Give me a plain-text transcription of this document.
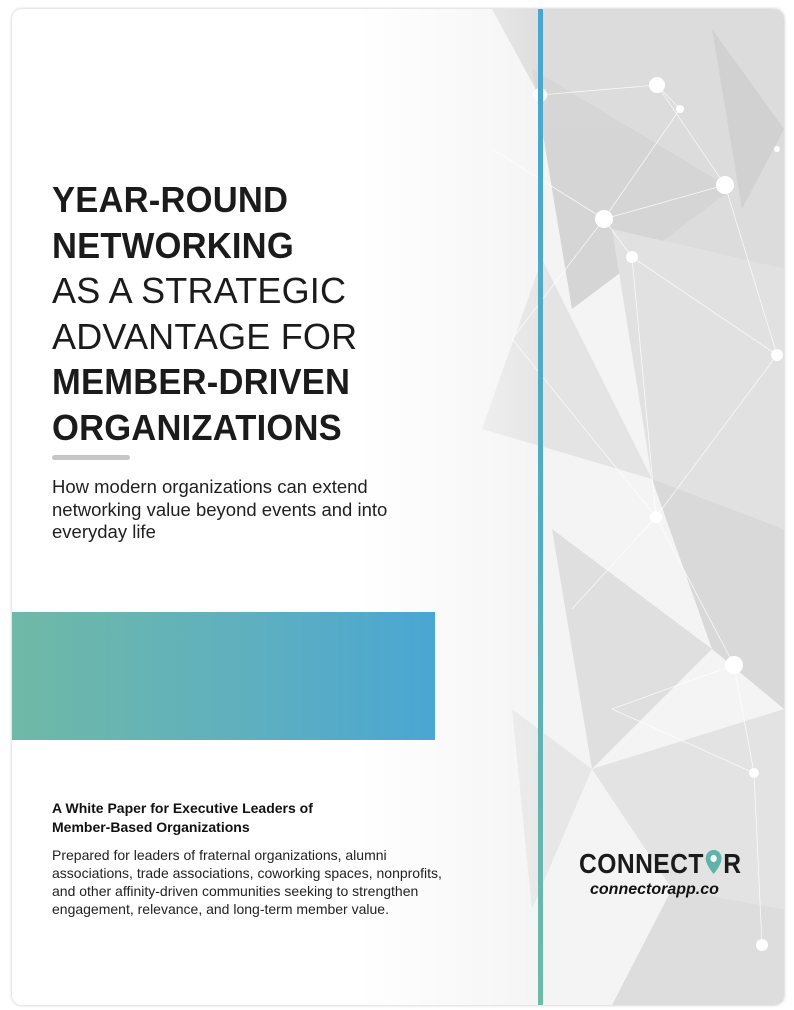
YEAR-ROUND
NETWORKING
AS A STRATEGIC
ADVANTAGE FOR
MEMBER-DRIVEN
ORGANIZATIONS

How modern organizations can extend networking value beyond events and into everyday life

A White Paper for Executive Leaders of
Member-Based Organizations

Prepared for leaders of fraternal organizations, alumni associations, trade associations, coworking spaces, nonprofits, and other affinity-driven communities seeking to strengthen engagement, relevance, and long-term member value.

CONNECT R

connectorapp.co
